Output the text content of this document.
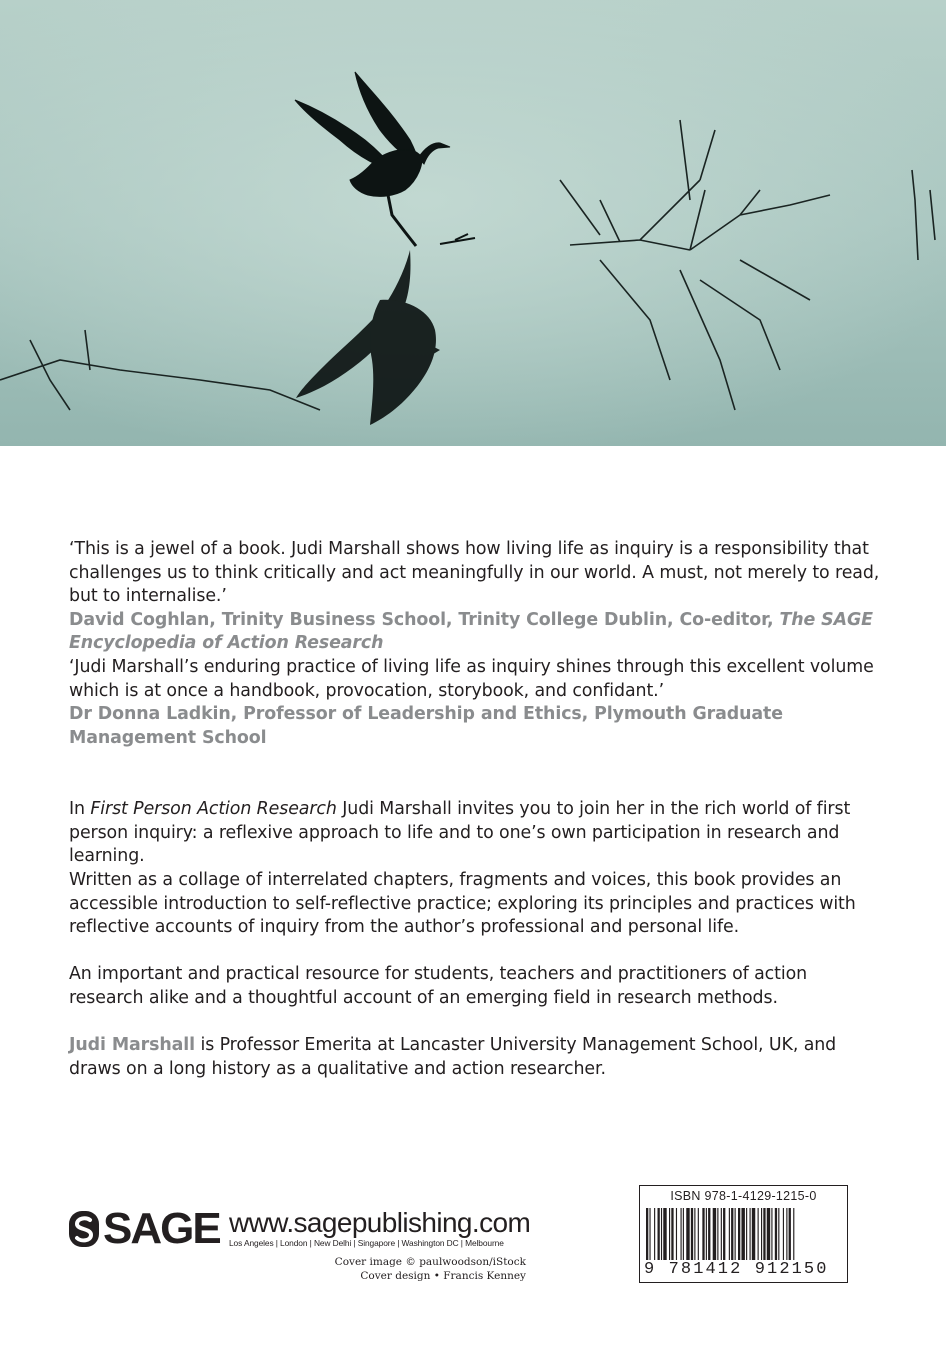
‘This is a jewel of a book. Judi Marshall shows how living life as inquiry is a responsibility that challenges us to think critically and act meaningfully in our world. A must, not merely to read, but to internalise.’

David Coghlan, Trinity Business School, Trinity College Dublin, Co-editor, The SAGE Encyclopedia of Action Research

‘Judi Marshall’s enduring practice of living life as inquiry shines through this excellent volume which is at once a handbook, provocation, storybook, and confidant.’

Dr Donna Ladkin, Professor of Leadership and Ethics, Plymouth Graduate Management School

In First Person Action Research Judi Marshall invites you to join her in the rich world of first person inquiry: a reflexive approach to life and to one’s own participation in research and learning.

Written as a collage of interrelated chapters, fragments and voices, this book provides an accessible introduction to self-reflective practice; exploring its principles and practices with reflective accounts of inquiry from the author’s professional and personal life.

An important and practical resource for students, teachers and practitioners of action research alike and a thoughtful account of an emerging field in research methods.

Judi Marshall is Professor Emerita at Lancaster University Management School, UK, and draws on a long history as a qualitative and action researcher.

SAGE www.sagepublishing.com
Los Angeles | London | New Delhi | Singapore | Washington DC | Melbourne
Cover image © paulwoodson/iStock
Cover design • Francis Kenney
ISBN 978-1-4129-1215-0
9 781412 912150
